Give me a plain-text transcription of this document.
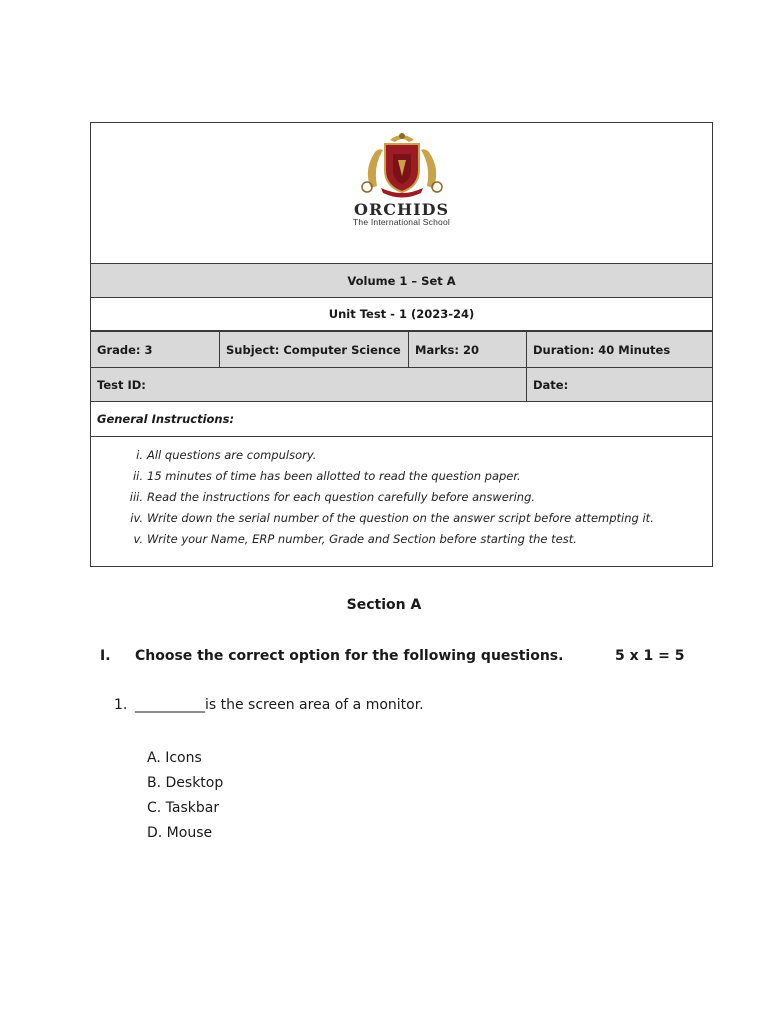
ORCHIDS
The International School
Volume 1 – Set A
Unit Test - 1 (2023-24)
Grade: 3	Subject: Computer Science	Marks: 20	Duration: 40 Minutes
Test ID:	Date:
General Instructions:
i. All questions are compulsory.
ii. 15 minutes of time has been allotted to read the question paper.
iii. Read the instructions for each question carefully before answering.
iv. Write down the serial number of the question on the answer script before attempting it.
v. Write your Name, ERP number, Grade and Section before starting the test.
Section A
I.	Choose the correct option for the following questions.	5 x 1 = 5
1. __________is the screen area of a monitor.
A. Icons
B. Desktop
C. Taskbar
D. Mouse
